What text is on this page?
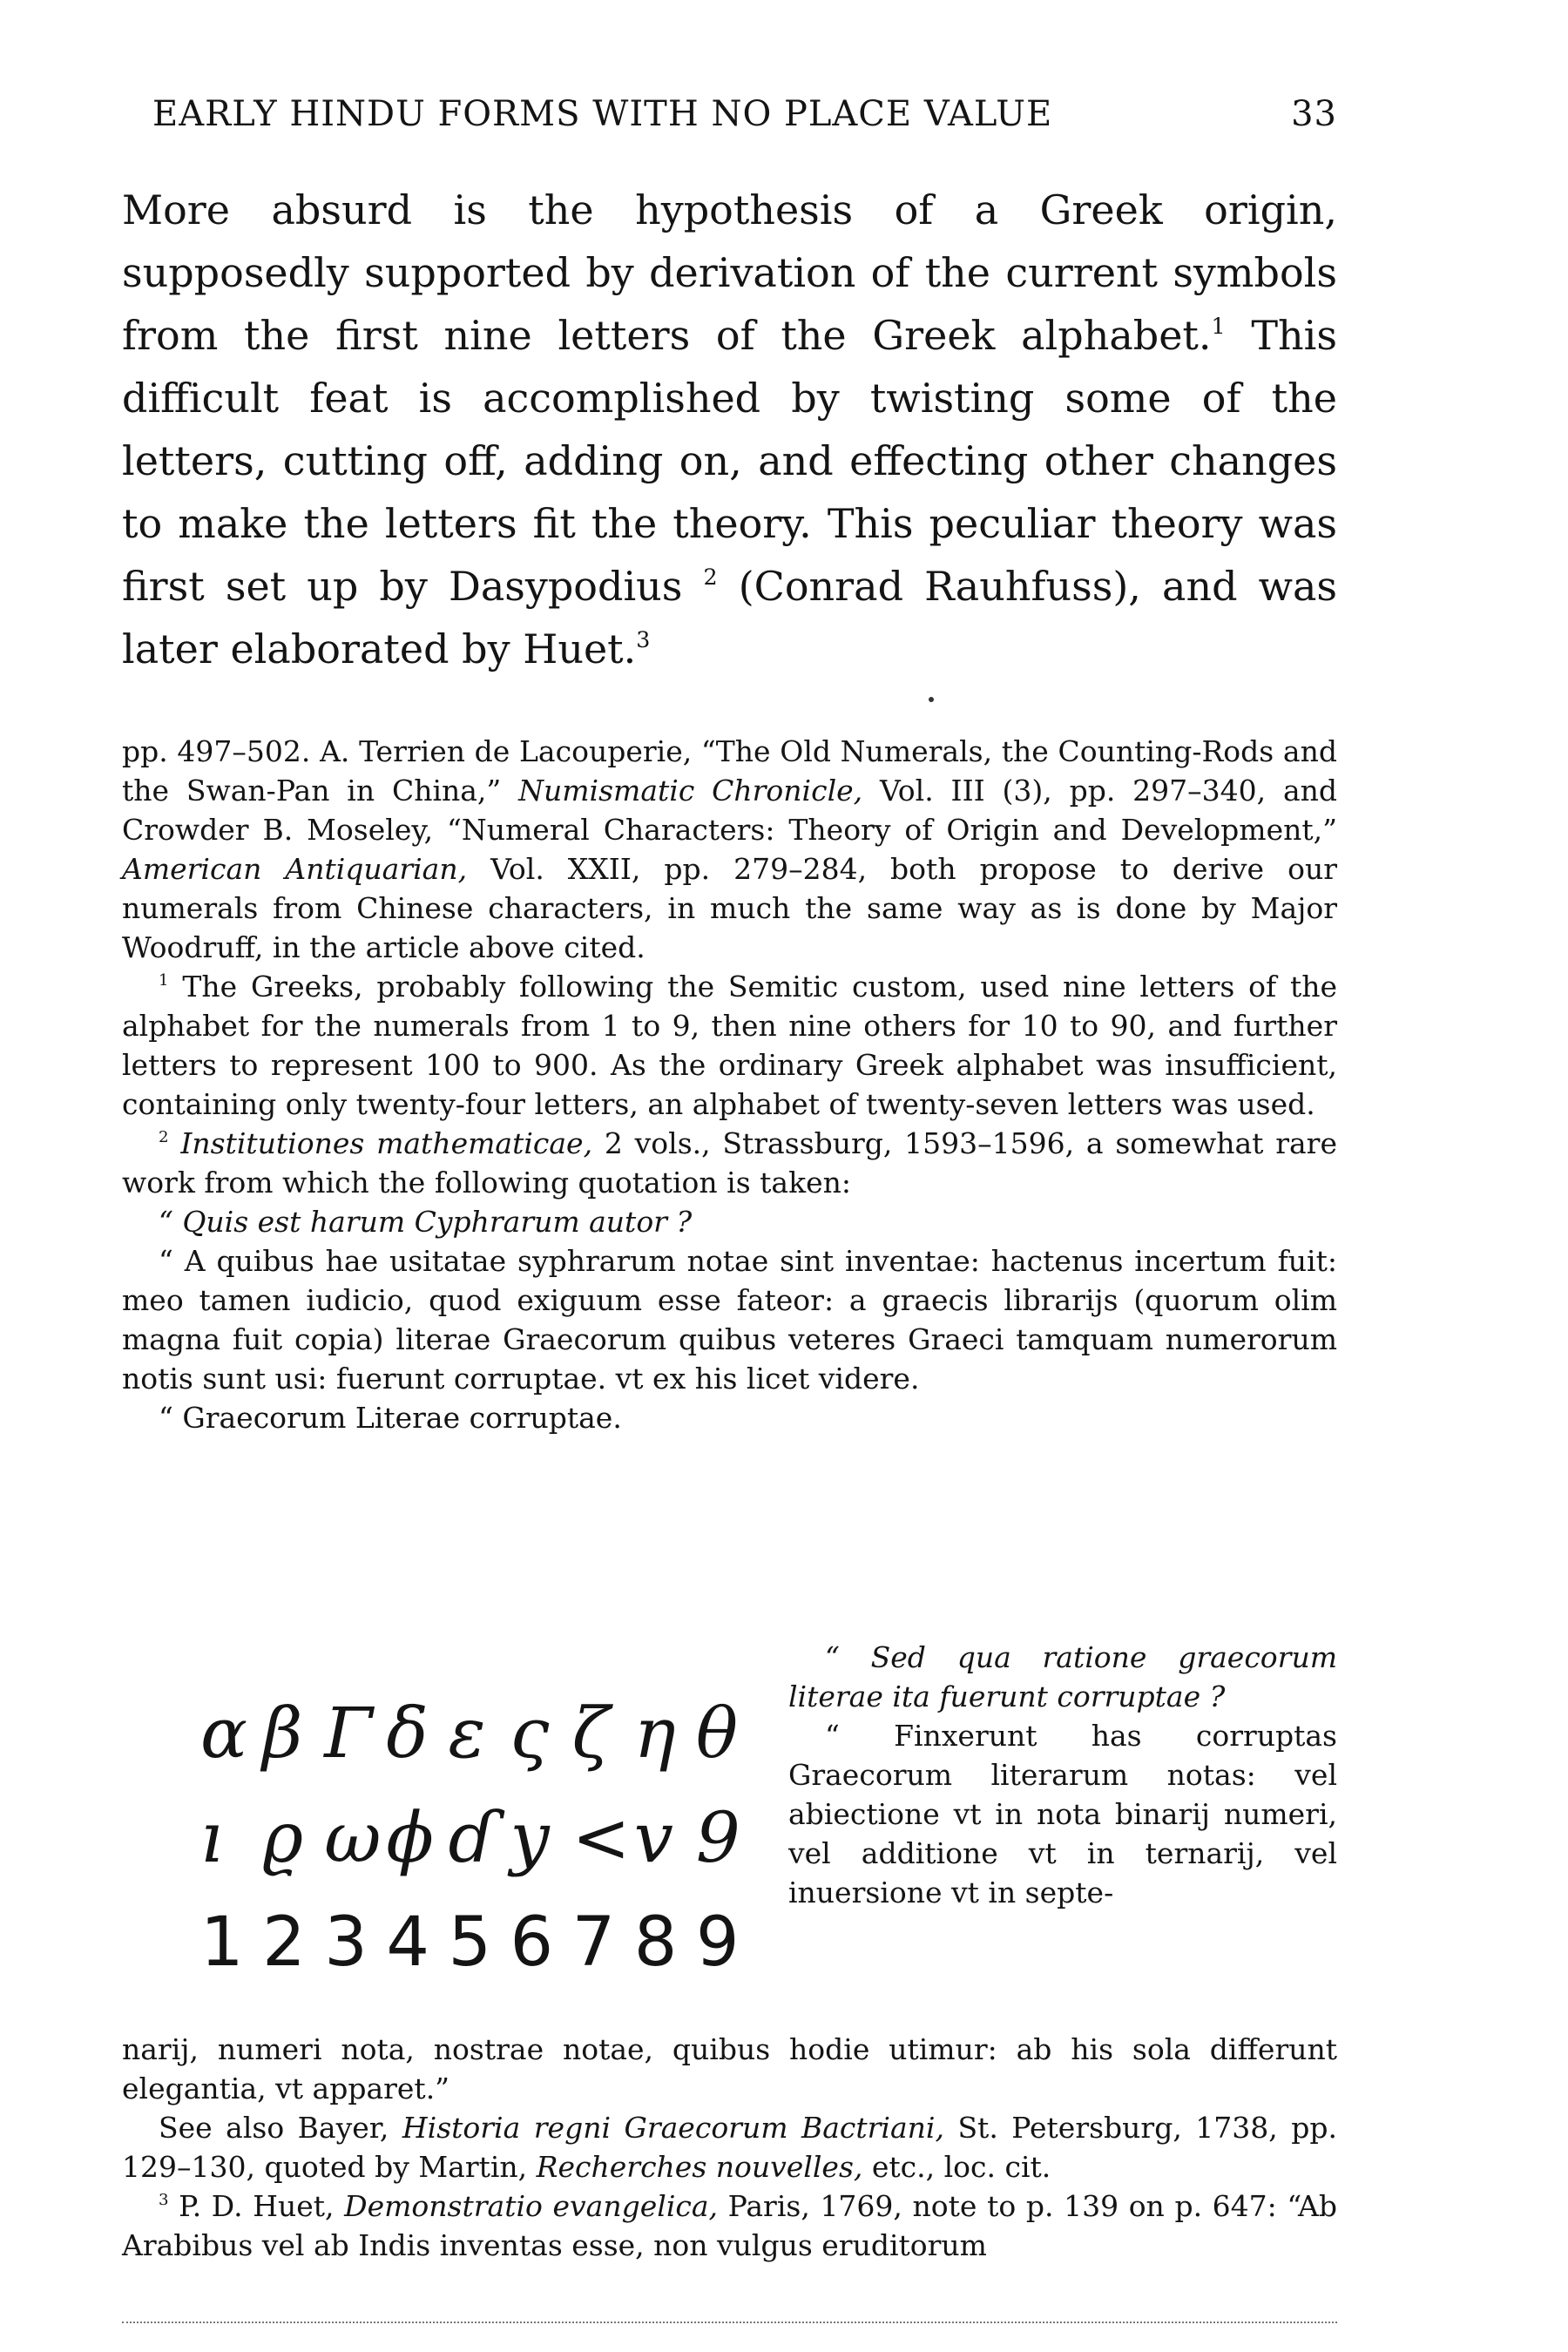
EARLY HINDU FORMS WITH NO PLACE VALUE	33

More absurd is the hypothesis of a Greek origin, supposedly supported by derivation of the current symbols from the first nine letters of the Greek alphabet.$^1$ This difficult feat is accomplished by twisting some of the letters, cutting off, adding on, and effecting other changes to make the letters fit the theory. This peculiar theory was first set up by Dasypodius $^2$ (Conrad Rauhfuss), and was later elaborated by Huet.$^3$

pp. 497–502. A. Terrien de Lacouperie, “The Old Numerals, the Counting-Rods and the Swan-Pan in China,” Numismatic Chronicle, Vol. III (3), pp. 297–340, and Crowder B. Moseley, “Numeral Characters: Theory of Origin and Development,” American Antiquarian, Vol. XXII, pp. 279–284, both propose to derive our numerals from Chinese characters, in much the same way as is done by Major Woodruff, in the article above cited.

$^1$ The Greeks, probably following the Semitic custom, used nine letters of the alphabet for the numerals from 1 to 9, then nine others for 10 to 90, and further letters to represent 100 to 900. As the ordinary Greek alphabet was insufficient, containing only twenty-four letters, an alphabet of twenty-seven letters was used.

$^2$ Institutiones mathematicae, 2 vols., Strassburg, 1593–1596, a somewhat rare work from which the following quotation is taken:

“ Quis est harum Cyphrarum autor ?

“ A quibus hae usitatae syphrarum notae sint inventae: hactenus incertum fuit: meo tamen iudicio, quod exiguum esse fateor: a graecis librarijs (quorum olim magna fuit copia) literae Graecorum quibus veteres Graeci tamquam numerorum notis sunt usi: fuerunt corruptae. vt ex his licet videre.

“ Graecorum Literae corruptae.

α β Γ δ ε ς ζ η θ
ı ϱ ω ϕ ɗ y < v 9
1 2 3 4 5 6 7 8 9

“ Sed qua ratione graecorum literae ita fuerunt corruptae ?

“ Finxerunt has corruptas Graecorum literarum notas: vel abiectione vt in nota binarij numeri, vel additione vt in ternarij, vel inuersione vt in septe-

narij, numeri nota, nostrae notae, quibus hodie utimur: ab his sola differunt elegantia, vt apparet.”

See also Bayer, Historia regni Graecorum Bactriani, St. Petersburg, 1738, pp. 129–130, quoted by Martin, Recherches nouvelles, etc., loc. cit.

$^3$ P. D. Huet, Demonstratio evangelica, Paris, 1769, note to p. 139 on p. 647: “Ab Arabibus vel ab Indis inventas esse, non vulgus eruditorum
